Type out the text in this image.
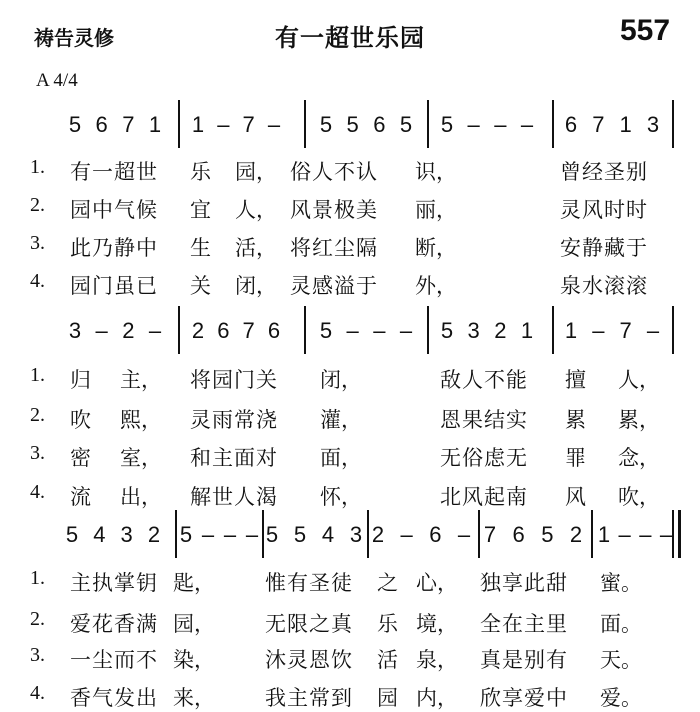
祷告灵修	有一超世乐园	557
A 4/4
5 6 7 1 1 – 7 – 5 5 6 5 5 – – – 6 7 1 3
1. 有一超世 乐 园， 俗人不认 识，	曾经圣别
2. 园中气候 宜 人， 风景极美 丽，	灵风时时
3. 此乃静中 生 活， 将红尘隔 断，	安静藏于
4. 园门虽已 关 闭， 灵感溢于 外，	泉水滚滚
3 – 2 – 2 6 7 6 5 – – – 5 3 2 1 1 – 7 –
1. 归 主， 将园门关 闭，	敌人不能 擅 人，
2. 吹 熙， 灵雨常浇 灌，	恩果结实 累 累，
3. 密 室， 和主面对 面，	无俗虑无 罪 念，
4. 流 出， 解世人渴 怀，	北风起南 风 吹，
5 4 3 2 5 – – – 5 5 4 3 2 – 6 – 7 6 5 2 1 – – –
1. 主执掌钥 匙， 惟有圣徒 之 心， 独享此甜 蜜。
2. 爱花香满 园， 无限之真 乐 境， 全在主里 面。
3. 一尘而不 染， 沐灵恩饮 活 泉， 真是别有 天。
4. 香气发出 来， 我主常到 园 内， 欣享爱中 爱。
